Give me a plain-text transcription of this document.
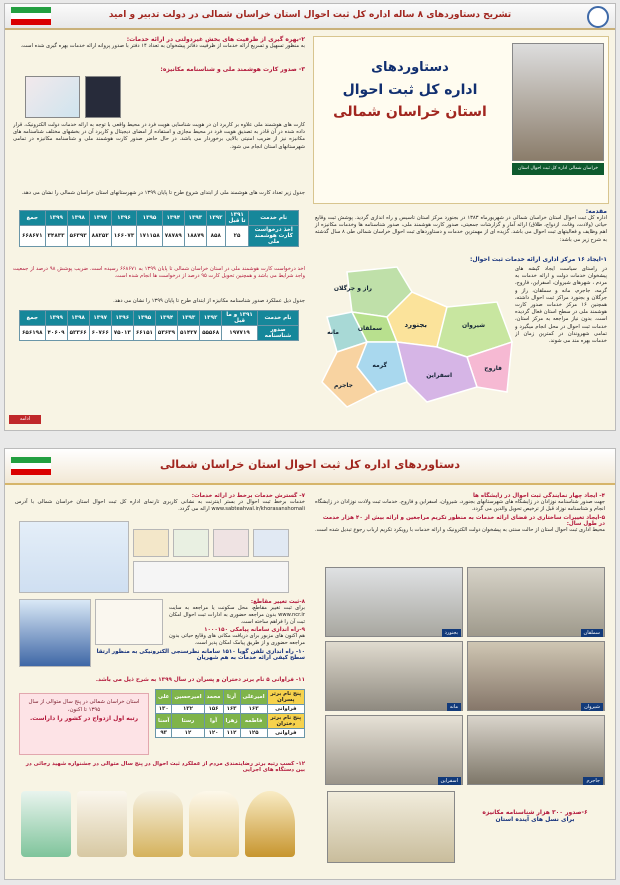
تشریح دستاوردهای ۸ ساله اداره کل ثبت احوال استان خراسان شمالی در دولت تدبیر و امید
خراسان شمالی اداره کل ثبت احوال استان
دستاوردهای
اداره کل ثبت احوال
استان خراسان شمالی
مقدمه:
اداره کل ثبت احوال استان خراسان شمالی در شهریورماه ۱۳۸۳ در بجنورد مرکز استان تاسیس و راه اندازی گردید. پوشش ثبت وقایع حیاتی (ولادت، وفات، ازدواج، طلاق) ارائه آمار و گزارشات جمعیتی، صدور کارت هوشمند ملی، صدور شناسنامه ها وخدمات مکانیزه از اهم وظایف و فعالیتهای ثبت احوال می باشد. گزیده ای از مهمترین خدمات و دستاوردهای ثبت احوال خراسان شمالی طی ۸ سال گذشته به شرح زیر می باشد:
۱-ایجاد ۱۶ مرکز اداری ارائه خدمات ثبت احوال:
در راستای سیاست ایجاد گیشه های پیشخوان خدمات دولت و ارائه خدمات به مردم ، شهرهای شیروان، اسفراین، فاروج، گرمه، جاجرم، مانه و سملقان، راز و جرگلان و بجنورد مراکز ثبت احوال داشته، همچنین ۱۶ مرکز خدمات صدور کارت هوشمند ملی در سطح استان فعال گردیده است. بدون نیاز مراجعه به مرکز استان، خدمات ثبت احوال در محل انجام میگیرد و تمامی شهروندان در کمترین زمان از خدمات بهره مند می شوند.
راز و جرگلان
مانه
سملقان	بجنورد	شیروان
فاروج
اسفراین
گرمه
جاجرم
۲-بهره گیری از ظرفیت های بخش غیردولتی در ارائه خدمات:
به منظور تسهیل و تسریع ارائه خدمات از ظرفیت دفاتر پیشخوان به تعداد ۱۴ دفتر با صدور پروانه ارائه خدمات بهره گیری شده است.
۳- صدور کارت هوشمند ملی و شناسنامه مکانیزه:
کارت های هوشمند ملی علاوه بر کاربرد آن در هویت شناسایی هویت فرد در محیط واقعی با توجه به ارائه خدمات دولت الکترونیک، قرار داده شده در آن قادر به تصدیق هویت فرد در محیط مجازی و استفاده از امضای دیجیتال و کاربرد آن در بخشهای مختلف شناسنامه های مکانیزه نیز از ضریب امنیتی بالایی برخوردار می باشد. در حال حاضر صدور کارت هوشمند ملی و شناسنامه مکانیزه در تمامی شهرستانهای استان انجام می شود.
جدول زیر تعداد کارت های هوشمند ملی از ابتدای شروع طرح تا پایان ۱۳۹۹ در شهرستانهای استان خراسان شمالی را نشان می دهد.
نام خدمت	۱۳۹۱ تا قبل	۱۳۹۲	۱۳۹۳	۱۳۹۴	۱۳۹۵	۱۳۹۶	۱۳۹۷	۱۳۹۸	۱۳۹۹	جمع
اخذ درخواست کارت هوشمند ملی	۲۵	۸۵۸	۱۸۸۷۹	۷۸۷۸۹	۱۷۱۱۵۸	۱۶۶۰۷۳	۸۸۲۵۲	۵۶۳۹۳	۳۴۸۳۳	۶۶۸۶۷۱
اخذ درخواست کارت هوشمند ملی در استان خراسان شمالی تا پایان ۱۳۹۹ به ۶۶۸۶۷۱ رسیده است. ضریب پوشش ۹۸ درصد از جمعیت واجد شرایط می باشد و همچنین تحویل کارت ۹۵ درصد از درخواست ها انجام شده است.
جدول ذیل عملکرد صدور شناسنامه مکانیزه از ابتدای طرح تا پایان ۱۳۹۹ را نشان می دهد.
نام خدمت	۱۳۹۱ و ما قبل	۱۳۹۲	۱۳۹۳	۱۳۹۴	۱۳۹۵	۱۳۹۶	۱۳۹۷	۱۳۹۸	۱۳۹۹	جمع
صدور شناسنامه	۱۹۷۷۱۹	۵۵۵۶۸	۵۱۴۲۷	۵۳۶۳۹	۶۶۱۵۱	۷۵۰۱۳	۶۰۷۶۶	۵۲۳۶۶	۴۰۶۰۹	۶۵۶۱۹۸
ادامه
دستاوردهای اداره کل ثبت احوال استان خراسان شمالی
۴- ایجاد چهار نمایندگی ثبت احوال در زایشگاه ها
جهت صدور شناسنامه نوزادان در زایشگاه های شهرستانهای بجنورد، شیروان، اسفراین و فاروج. خدمات ثبت ولادت نوزادان در زایشگاه انجام و شناسنامه نوزاد قبل از ترخیص تحویل والدین می گردد.
۵-ایجاد تغییرات ساختاری در فضای ارائه خدمات به منظور تکریم مراجعین و ارائه بیش از ۴۰ هزار خدمت در طول سال:
محیط اداری ثبت احوال استان از حالت سنتی به پیشخوان دولت الکترونیک و ارائه خدمات با رویکرد تکریم ارباب رجوع تبدیل شده است.
سملقان
بجنورد
شیروان
مانه
جاجرم
اسفراین
۶-صدور ۳۰۰ هزار شناسنامه مکانیزه
برای نسل های آینده استان
۷- گسترش خدمات برخط در ارائه خدمات:
خدمات برخط ثبت احوال در بستر اینترنت به نشانی کاربری تارنمای اداره کل ثبت احوال استان خراسان شمالی با آدرس www.sabteahval.ir/khorasanshomali ارائه می گردد.
۸-ثبت تغییر مقاطع:
برای ثبت تغییر مقاطع، محل سکونت یا مراجعه به سایت www.ncr.ir بدون مراجعه حضوری به ادارات ثبت احوال امکان ثبت آن را فراهم ساخته است.
۹-راه اندازی سامانه پیامکی ۱۰۰۰۱۵۰
هم اکنون های مزبور برای دریافت مکانی های وقایع حیاتی بدون مراجعه حضوری و از طریق پیامک امکان پذیر است.
۱۰- راه اندازی تلفن گویا ۱۵۱۰ سامانه نظرسنجی الکترونیکی به منظور ارتقا سطح کیفی ارائه خدمات به هم شهریان
۱۱- فراوانی ۵ نام برتر دختران و پسران در سال ۱۳۹۹ به شرح ذیل می باشد.
پنج نام برتر پسران	امیرعلی	آرتا	محمد	امیرحسین	علی
فراوانی	۱۶۳	۱۶۳	۱۵۶	۱۳۲	۱۳۰
پنج نام برتر دختران	فاطمه	زهرا	آوا	رستا	آسنا
فراوانی	۱۲۵	۱۱۲	۱۲۰	۱۲	۹۳
استان خراسان شمالی در پنج سال متوالی از سال ۱۳۹۵ تا اکنون،
رتبه اول ازدواج در کشور را داراست.
۱۲- کسب رتبه برتر رضایتمندی مردم از عملکرد ثبت احوال در پنج سال متوالی در جشنواره شهید رجائی در بین دستگاه های اجرایی
